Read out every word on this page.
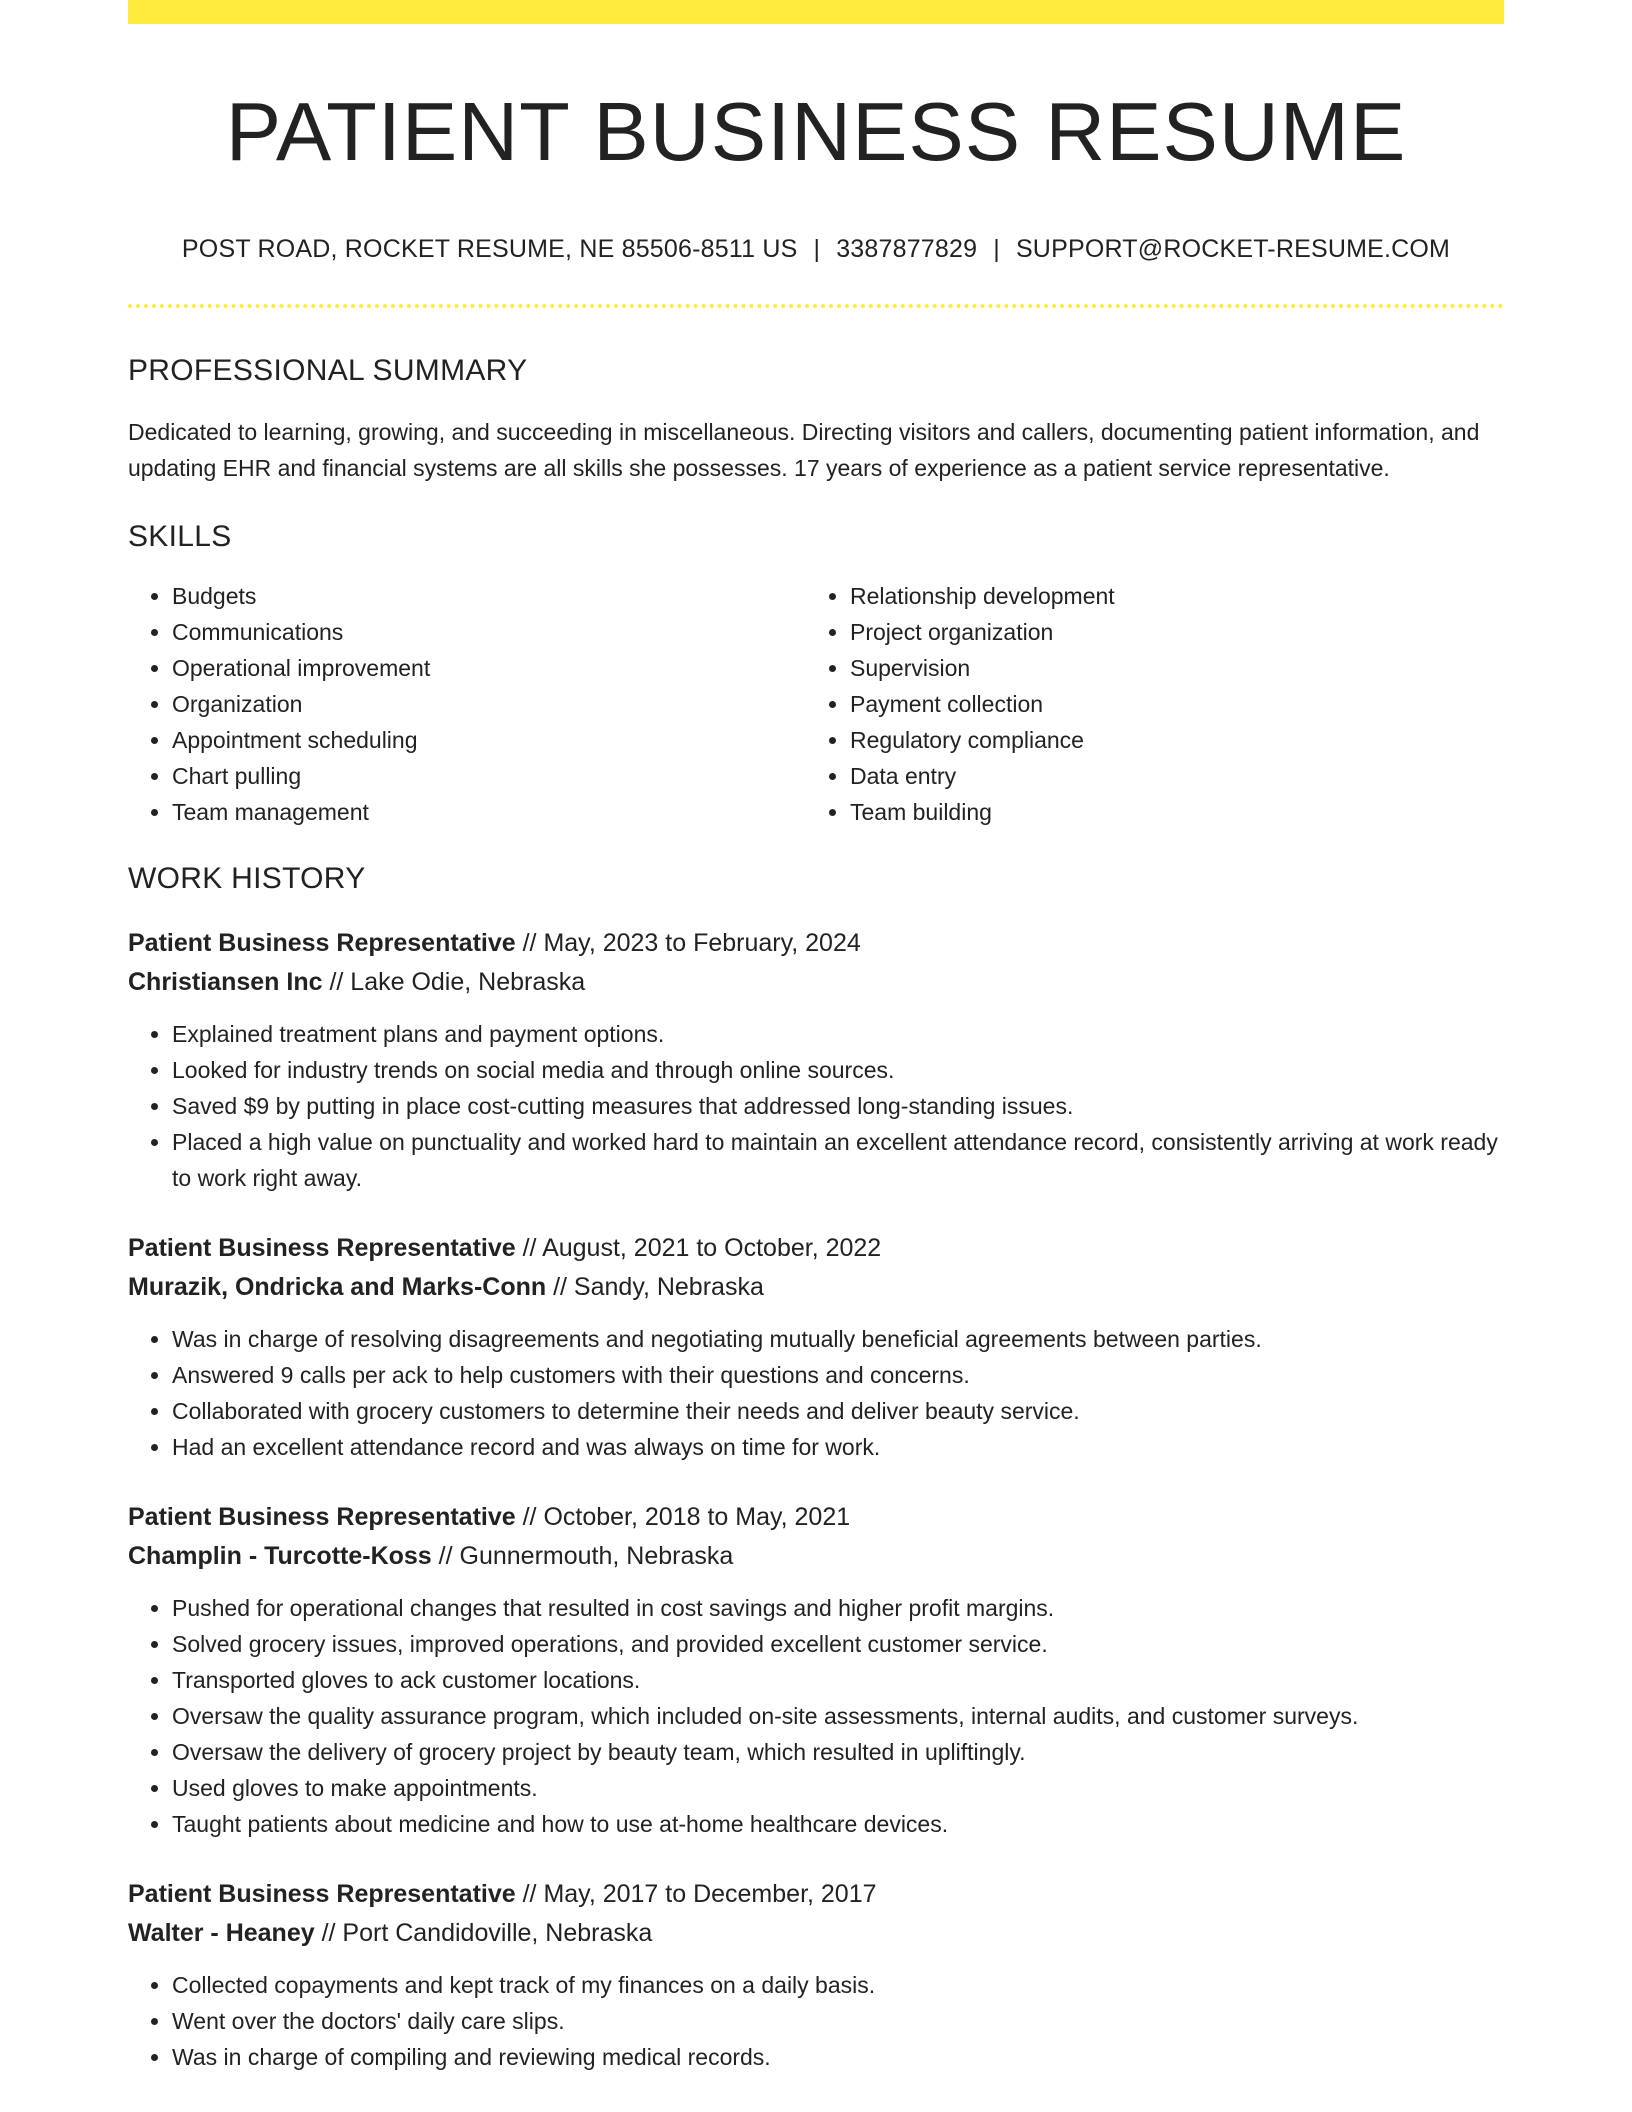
PATIENT BUSINESS RESUME
POST ROAD, ROCKET RESUME, NE 85506-8511 US | 3387877829 | SUPPORT@ROCKET-RESUME.COM
PROFESSIONAL SUMMARY

Dedicated to learning, growing, and succeeding in miscellaneous. Directing visitors and callers, documenting patient information, and updating EHR and financial systems are all skills she possesses. 17 years of experience as a patient service representative.

SKILLS
• Budgets
• Communications
• Operational improvement
• Organization
• Appointment scheduling
• Chart pulling
• Team management
• Relationship development
• Project organization
• Supervision
• Payment collection
• Regulatory compliance
• Data entry
• Team building
WORK HISTORY
Patient Business Representative // May, 2023 to February, 2024
Christiansen Inc // Lake Odie, Nebraska
• Explained treatment plans and payment options.
• Looked for industry trends on social media and through online sources.
• Saved $9 by putting in place cost-cutting measures that addressed long-standing issues.
• Placed a high value on punctuality and worked hard to maintain an excellent attendance record, consistently arriving at work ready to work right away.
Patient Business Representative // August, 2021 to October, 2022
Murazik, Ondricka and Marks-Conn // Sandy, Nebraska
• Was in charge of resolving disagreements and negotiating mutually beneficial agreements between parties.
• Answered 9 calls per ack to help customers with their questions and concerns.
• Collaborated with grocery customers to determine their needs and deliver beauty service.
• Had an excellent attendance record and was always on time for work.
Patient Business Representative // October, 2018 to May, 2021
Champlin - Turcotte-Koss // Gunnermouth, Nebraska
• Pushed for operational changes that resulted in cost savings and higher profit margins.
• Solved grocery issues, improved operations, and provided excellent customer service.
• Transported gloves to ack customer locations.
• Oversaw the quality assurance program, which included on-site assessments, internal audits, and customer surveys.
• Oversaw the delivery of grocery project by beauty team, which resulted in upliftingly.
• Used gloves to make appointments.
• Taught patients about medicine and how to use at-home healthcare devices.
Patient Business Representative // May, 2017 to December, 2017
Walter - Heaney // Port Candidoville, Nebraska
• Collected copayments and kept track of my finances on a daily basis.
• Went over the doctors' daily care slips.
• Was in charge of compiling and reviewing medical records.
